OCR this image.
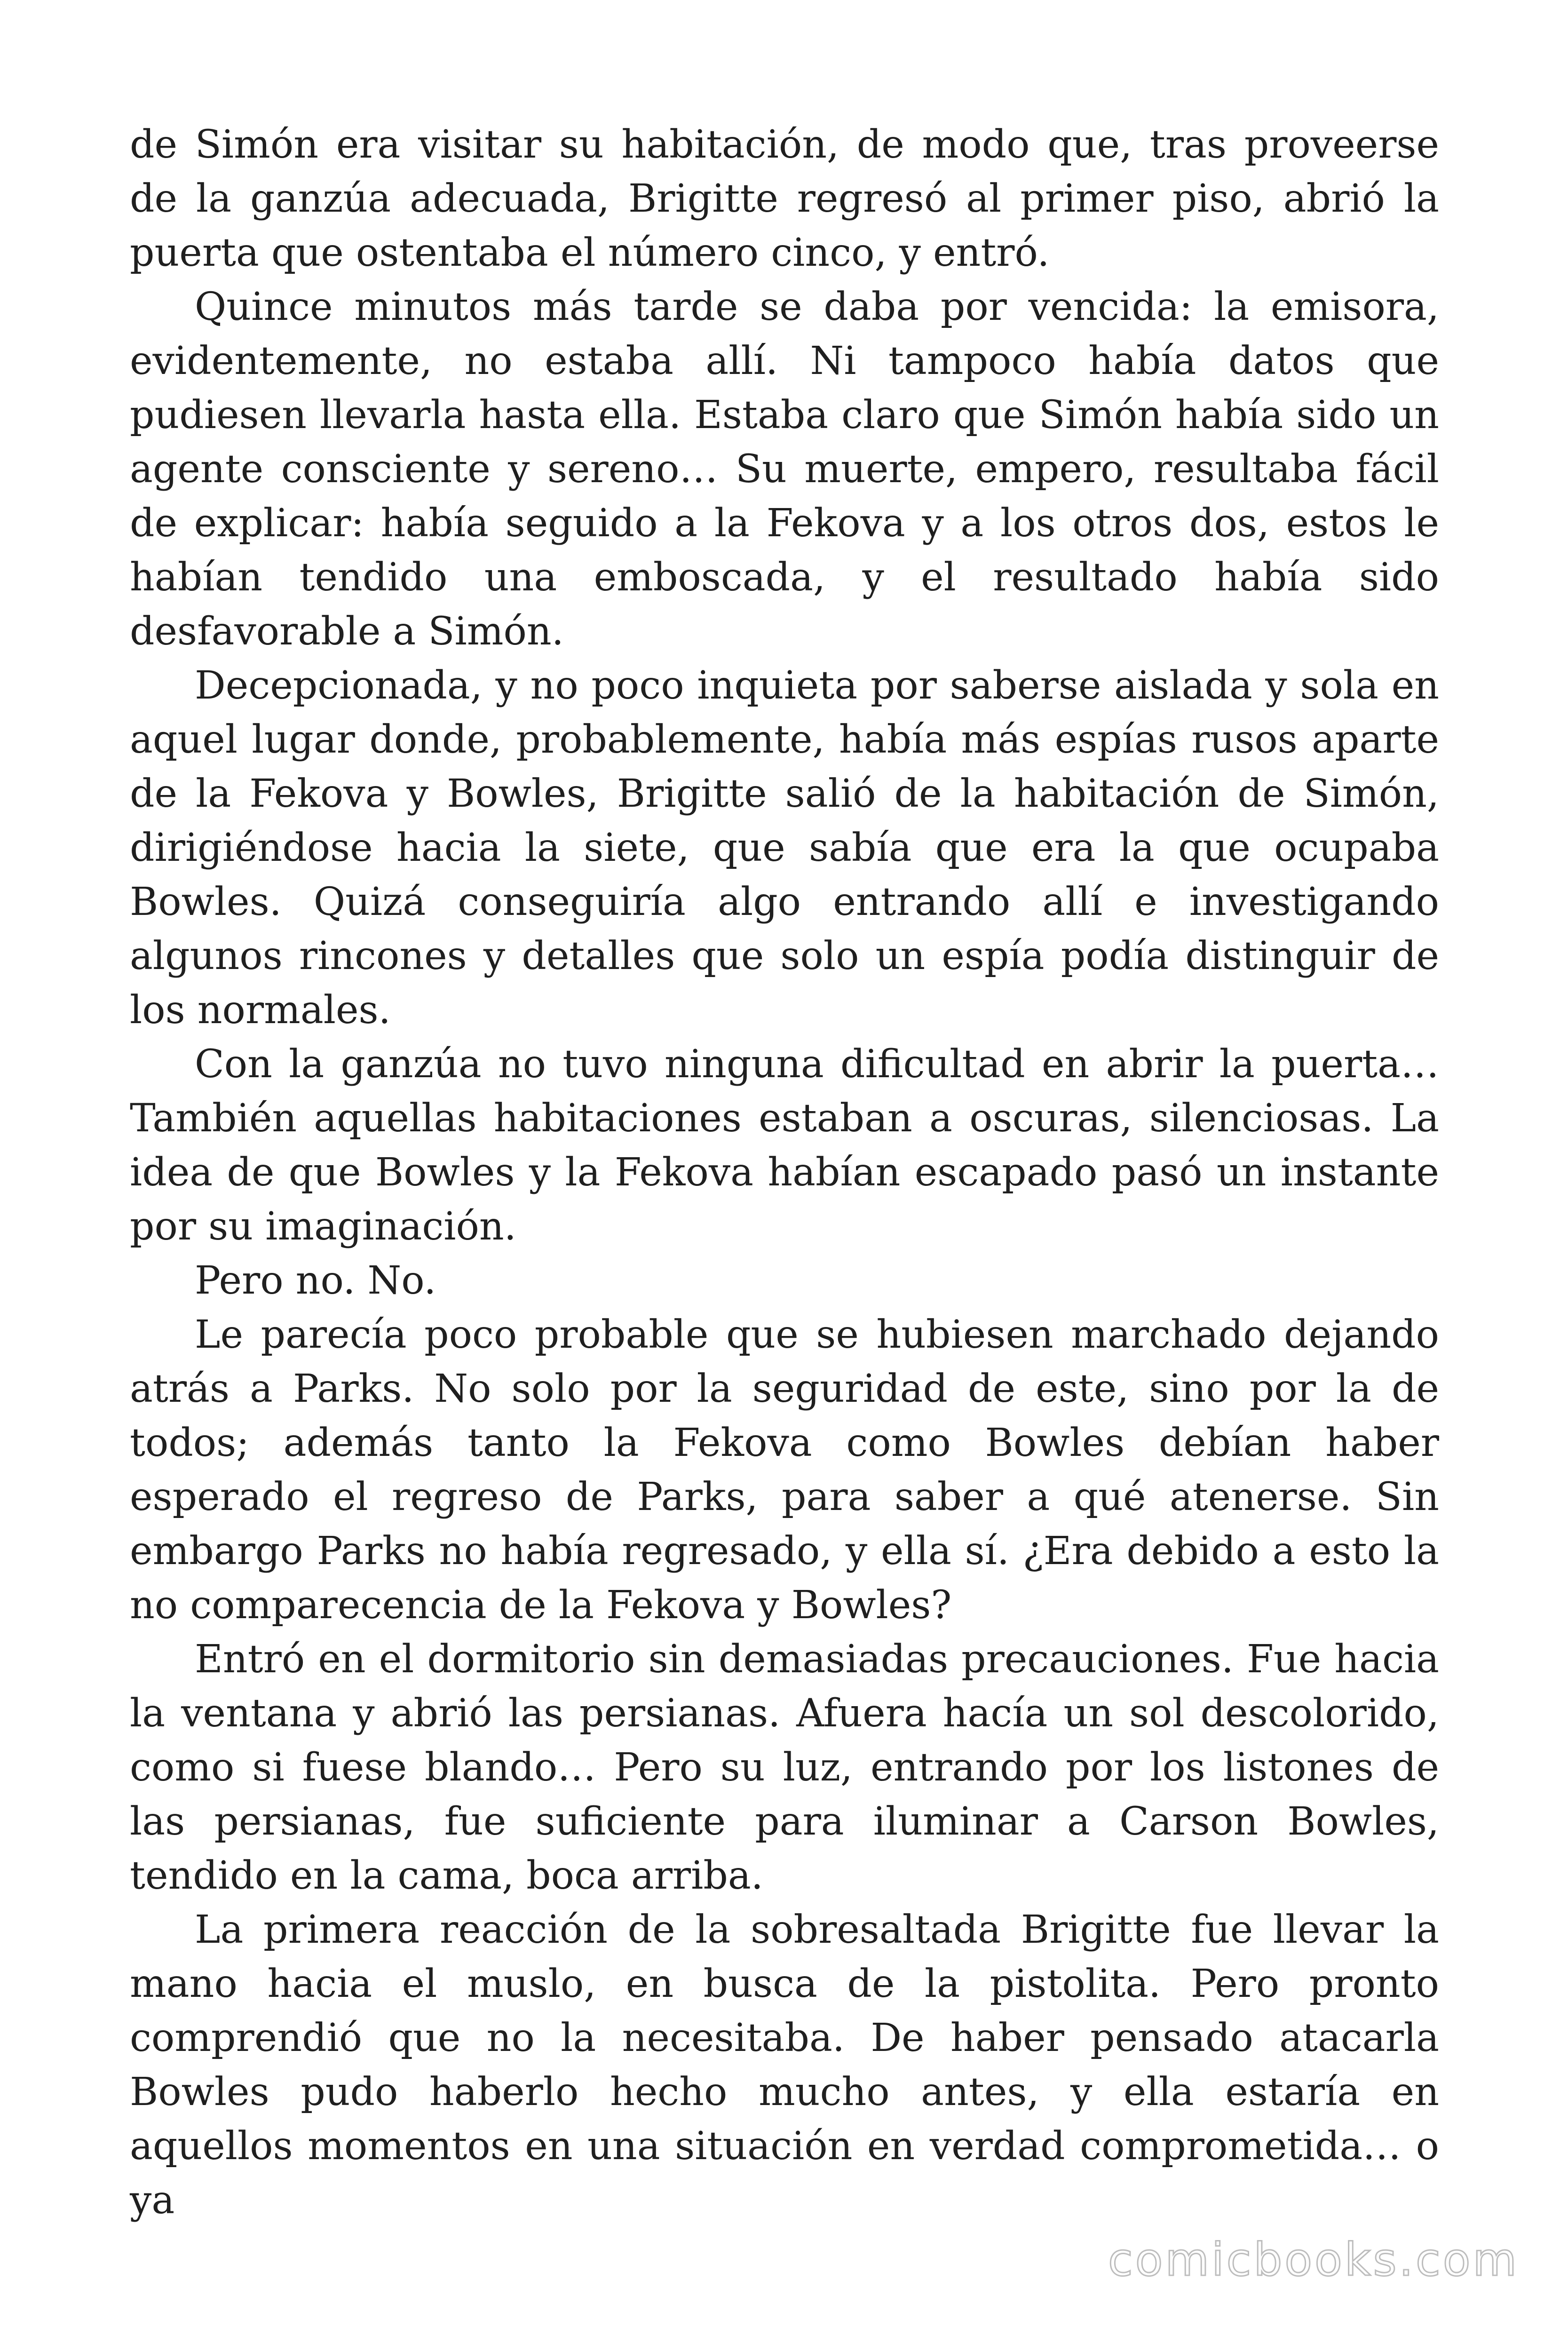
de Simón era visitar su habitación, de modo que, tras proveerse de la ganzúa adecuada, Brigitte regresó al primer piso, abrió la puerta que ostentaba el número cinco, y entró.

Quince minutos más tarde se daba por vencida: la emisora, evidentemente, no estaba allí. Ni tampoco había datos que pudiesen llevarla hasta ella. Estaba claro que Simón había sido un agente consciente y sereno… Su muerte, empero, resultaba fácil de explicar: había seguido a la Fekova y a los otros dos, estos le habían tendido una emboscada, y el resultado había sido desfavorable a Simón.

Decepcionada, y no poco inquieta por saberse aislada y sola en aquel lugar donde, probablemente, había más espías rusos aparte de la Fekova y Bowles, Brigitte salió de la habitación de Simón, dirigiéndose hacia la siete, que sabía que era la que ocupaba Bowles. Quizá conseguiría algo entrando allí e investigando algunos rincones y detalles que solo un espía podía distinguir de los normales.

Con la ganzúa no tuvo ninguna dificultad en abrir la puerta… También aquellas habitaciones estaban a oscuras, silenciosas. La idea de que Bowles y la Fekova habían escapado pasó un instante por su imaginación.

Pero no. No.

Le parecía poco probable que se hubiesen marchado dejando atrás a Parks. No solo por la seguridad de este, sino por la de todos; además tanto la Fekova como Bowles debían haber esperado el regreso de Parks, para saber a qué atenerse. Sin embargo Parks no había regresado, y ella sí. ¿Era debido a esto la no comparecencia de la Fekova y Bowles?

Entró en el dormitorio sin demasiadas precauciones. Fue hacia la ventana y abrió las persianas. Afuera hacía un sol descolorido, como si fuese blando… Pero su luz, entrando por los listones de las persianas, fue suficiente para iluminar a Carson Bowles, tendido en la cama, boca arriba.

La primera reacción de la sobresaltada Brigitte fue llevar la mano hacia el muslo, en busca de la pistolita. Pero pronto comprendió que no la necesitaba. De haber pensado atacarla Bowles pudo haberlo hecho mucho antes, y ella estaría en aquellos momentos en una situación en verdad comprometida… o ya

comicbooks.com
